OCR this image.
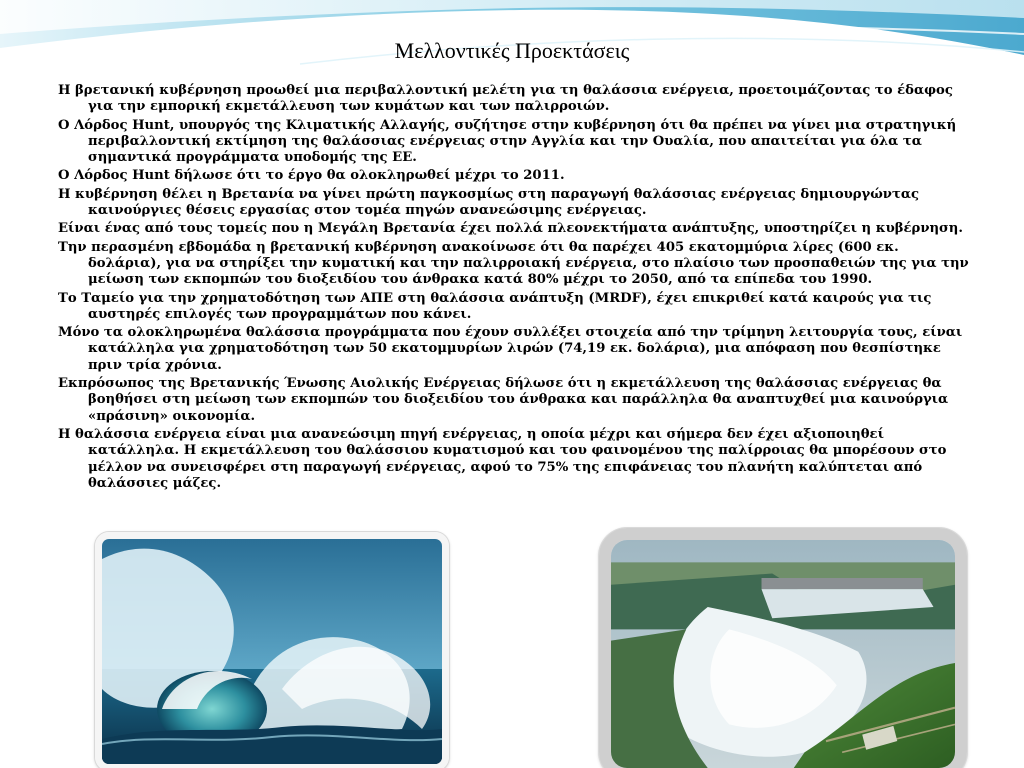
Μελλοντικές Προεκτάσεις

Η βρετανική κυβέρνηση προωθεί μια περιβαλλοντική μελέτη για τη θαλάσσια ενέργεια, προετοιμάζοντας το έδαφος για την εμπορική εκμετάλλευση των κυμάτων και των παλιρροιών.

Ο Λόρδος Hunt, υπουργός της Κλιματικής Αλλαγής, συζήτησε στην κυβέρνηση ότι θα πρέπει να γίνει μια στρατηγική περιβαλλοντική εκτίμηση της θαλάσσιας ενέργειας στην Αγγλία και την Ουαλία, που απαιτείται για όλα τα σημαντικά προγράμματα υποδομής της ΕΕ.

Ο Λόρδος Hunt δήλωσε ότι το έργο θα ολοκληρωθεί μέχρι το 2011.

Η κυβέρνηση θέλει η Βρετανία να γίνει πρώτη παγκοσμίως στη παραγωγή θαλάσσιας ενέργειας δημιουργώντας καινούργιες θέσεις εργασίας στον τομέα πηγών ανανεώσιμης ενέργειας.

Είναι ένας από τους τομείς που η Μεγάλη Βρετανία έχει πολλά πλεονεκτήματα ανάπτυξης, υποστηρίζει η κυβέρνηση.

Την περασμένη εβδομάδα η βρετανική κυβέρνηση ανακοίνωσε ότι θα παρέχει 405 εκατομμύρια λίρες (600 εκ. δολάρια), για να στηρίξει την κυματική και την παλιρροιακή ενέργεια, στο πλαίσιο των προσπαθειών της για την μείωση των εκπομπών του διοξειδίου του άνθρακα κατά 80% μέχρι το 2050, από τα επίπεδα του 1990.

Το Ταμείο για την χρηματοδότηση των ΑΠΕ στη θαλάσσια ανάπτυξη (MRDF), έχει επικριθεί κατά καιρούς για τις αυστηρές επιλογές των προγραμμάτων που κάνει.

Μόνο τα ολοκληρωμένα θαλάσσια προγράμματα που έχουν συλλέξει στοιχεία από την τρίμηνη λειτουργία τους, είναι κατάλληλα για χρηματοδότηση των 50 εκατομμυρίων λιρών (74,19 εκ. δολάρια), μια απόφαση που θεσπίστηκε πριν τρία χρόνια.

Εκπρόσωπος της Βρετανικής Ένωσης Αιολικής Ενέργειας δήλωσε ότι η εκμετάλλευση της θαλάσσιας ενέργειας θα βοηθήσει στη μείωση των εκπομπών του διοξειδίου του άνθρακα και παράλληλα θα αναπτυχθεί μια καινούργια «πράσινη» οικονομία.

Η θαλάσσια ενέργεια είναι μια ανανεώσιμη πηγή ενέργειας, η οποία μέχρι και σήμερα δεν έχει αξιοποιηθεί κατάλληλα. Η εκμετάλλευση του θαλάσσιου κυματισμού και του φαινομένου της παλίρροιας θα μπορέσουν στο μέλλον να συνεισφέρει στη παραγωγή ενέργειας, αφού το 75% της επιφάνειας του πλανήτη καλύπτεται από θαλάσσιες μάζες.
